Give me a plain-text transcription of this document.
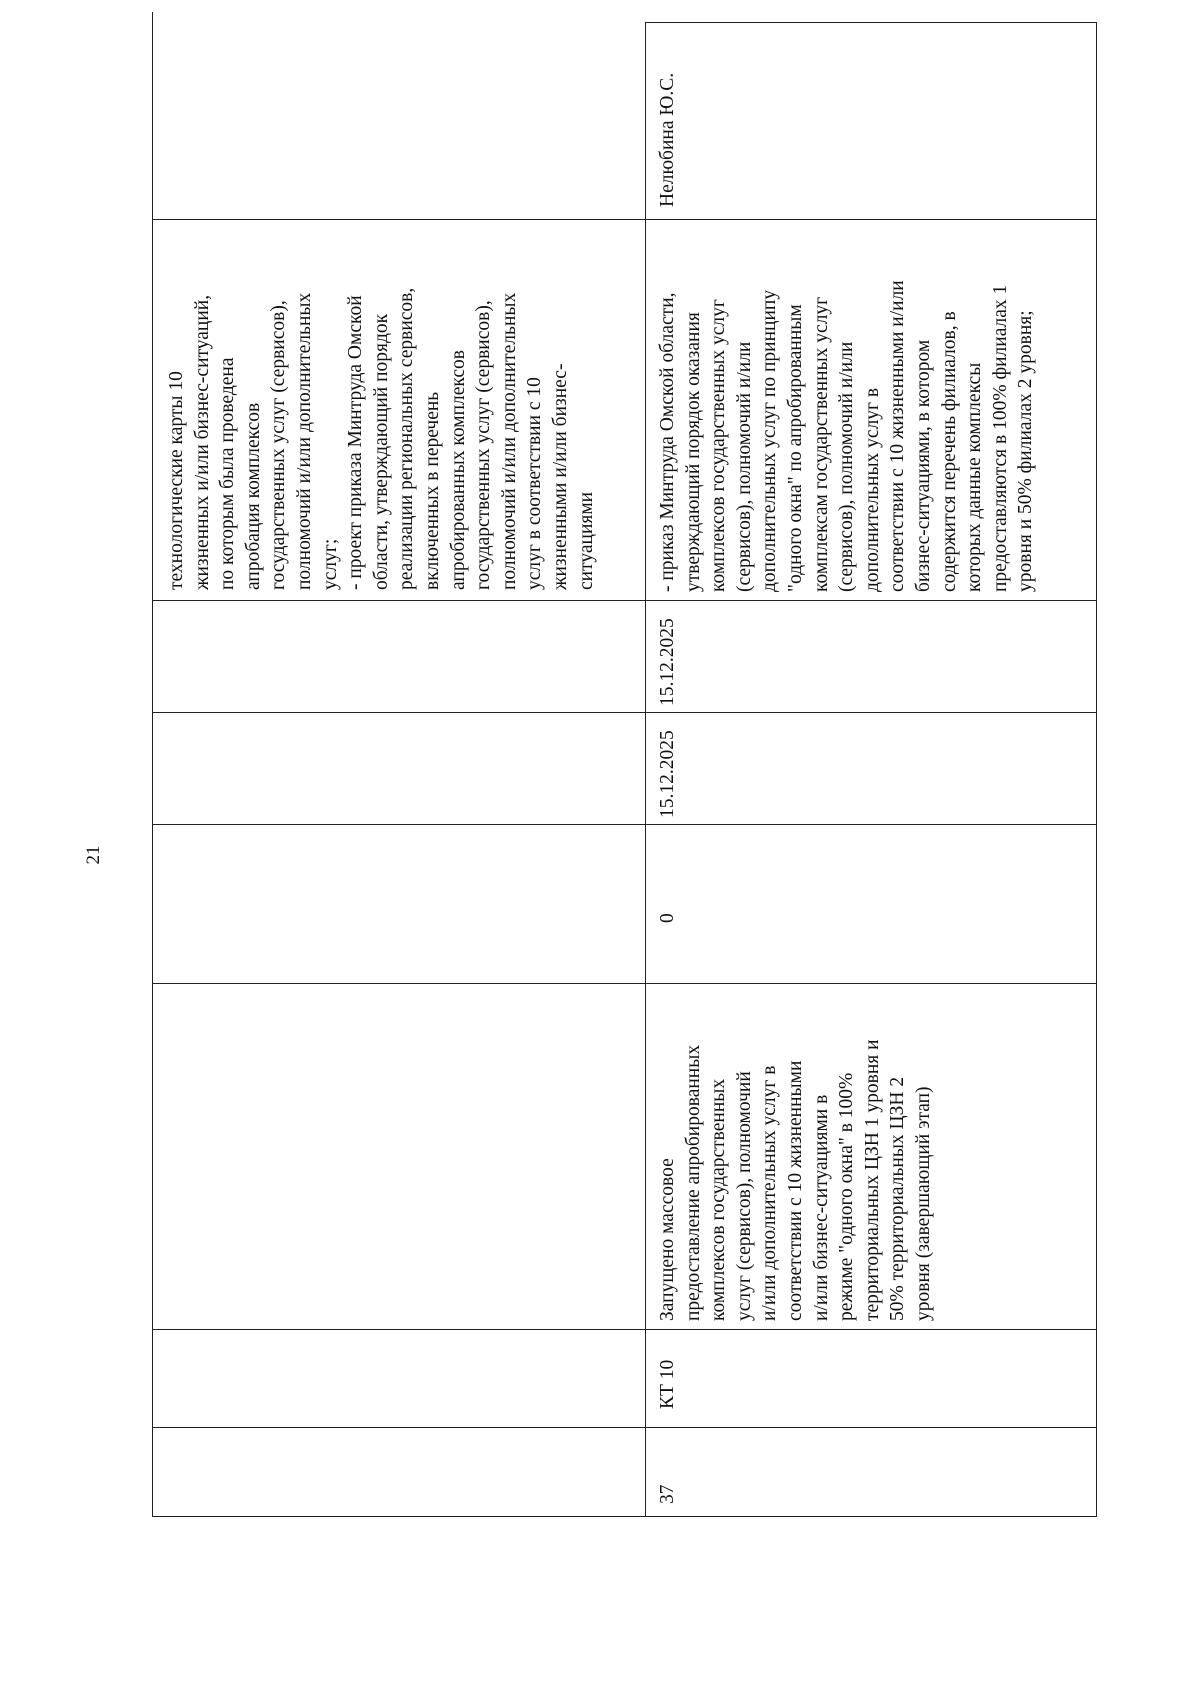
21
технологические карты 10
жизненных и/или бизнес-ситуаций,
по которым была проведена
апробация комплексов
государственных услуг (сервисов),
полномочий и/или дополнительных
услуг;
- проект приказа Минтруда Омской
области, утверждающий порядок
реализации региональных сервисов,
включенных в перечень
апробированных комплексов
государственных услуг (сервисов),
полномочий и/или дополнительных
услуг в соответствии с 10
жизненными и/или бизнес-
ситуациями
Нелюбина Ю.С.
- приказ Минтруда Омской области,
утверждающий порядок оказания
комплексов государственных услуг
(сервисов), полномочий и/или
дополнительных услуг по принципу
"одного окна" по апробированным
комплексам государственных услуг
(сервисов), полномочий и/или
дополнительных услуг в
соответствии с 10 жизненными и/или
бизнес-ситуациями, в котором
содержится перечень филиалов, в
которых данные комплексы
предоставляются в 100% филиалах 1
уровня и 50% филиалах 2 уровня;
15.12.2025
15.12.2025
0
Запущено массовое
предоставление апробированных
комплексов государственных
услуг (сервисов), полномочий
и/или дополнительных услуг в
соответствии с 10 жизненными
и/или бизнес-ситуациями в
режиме "одного окна" в 100%
территориальных ЦЗН 1 уровня и
50% территориальных ЦЗН 2
уровня (завершающий этап)
КТ 10
37
